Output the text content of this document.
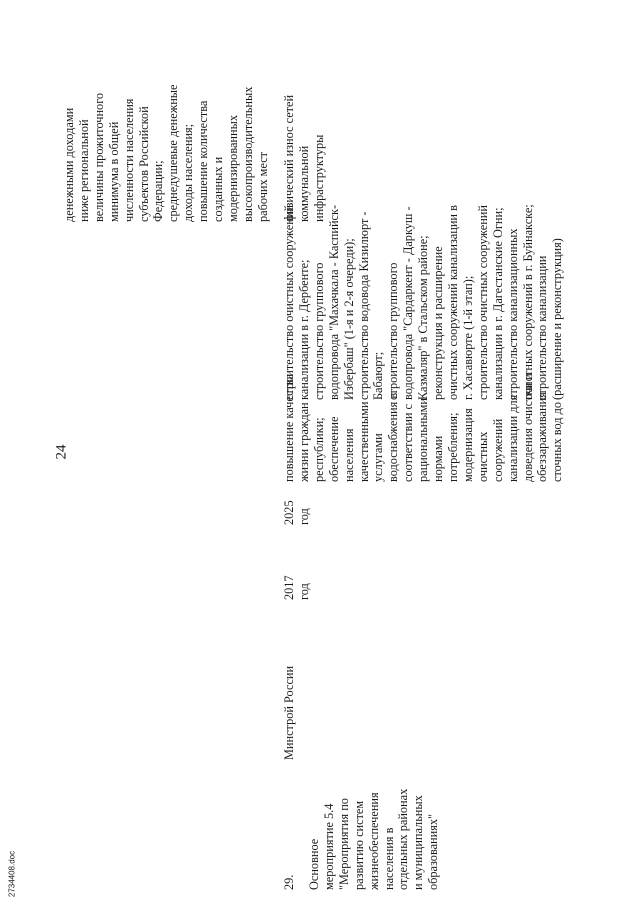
24
2734408.doc
денежными доходами ниже региональной величины прожиточного минимума в общей численности населения субъектов Российской Федерации; среднедушевые денежные доходы населения; повышение количества созданных и модернизированных высокопроизводительных рабочих мест
29. Основное мероприятие 5.4 "Мероприятия по развитию систем жизнеобеспечения населения в отдельных районах и муниципальных образованиях"
Минстрой России
2017 год
2025 год
повышение качества жизни граждан республики; обеспечение населения качественными услугами водоснабжения в соответствии с рациональными нормами потребления; модернизация очистных сооружений канализации для доведения очистки и обеззараживания сточных вод до
строительство очистных сооружений канализации в г. Дербенте; строительство группового водопровода "Махачкала - Каспийск- Избербаш" (1-я и 2-я очереди); строительство водовода Кизилюрт - Бабаюрт; строительство группового водопровода "Сардаркент - Даркуш - Казмаляр" в Стальском районе; реконструкция и расширение очистных сооружений канализации в г. Хасавюрте (1-й этап); строительство очистных сооружений канализации в г. Дагестанские Огни; строительство канализационных очистных сооружений в г. Буйнакске; строительство канализации (расширение и реконструкция)
физический износ сетей коммунальной инфраструктуры
